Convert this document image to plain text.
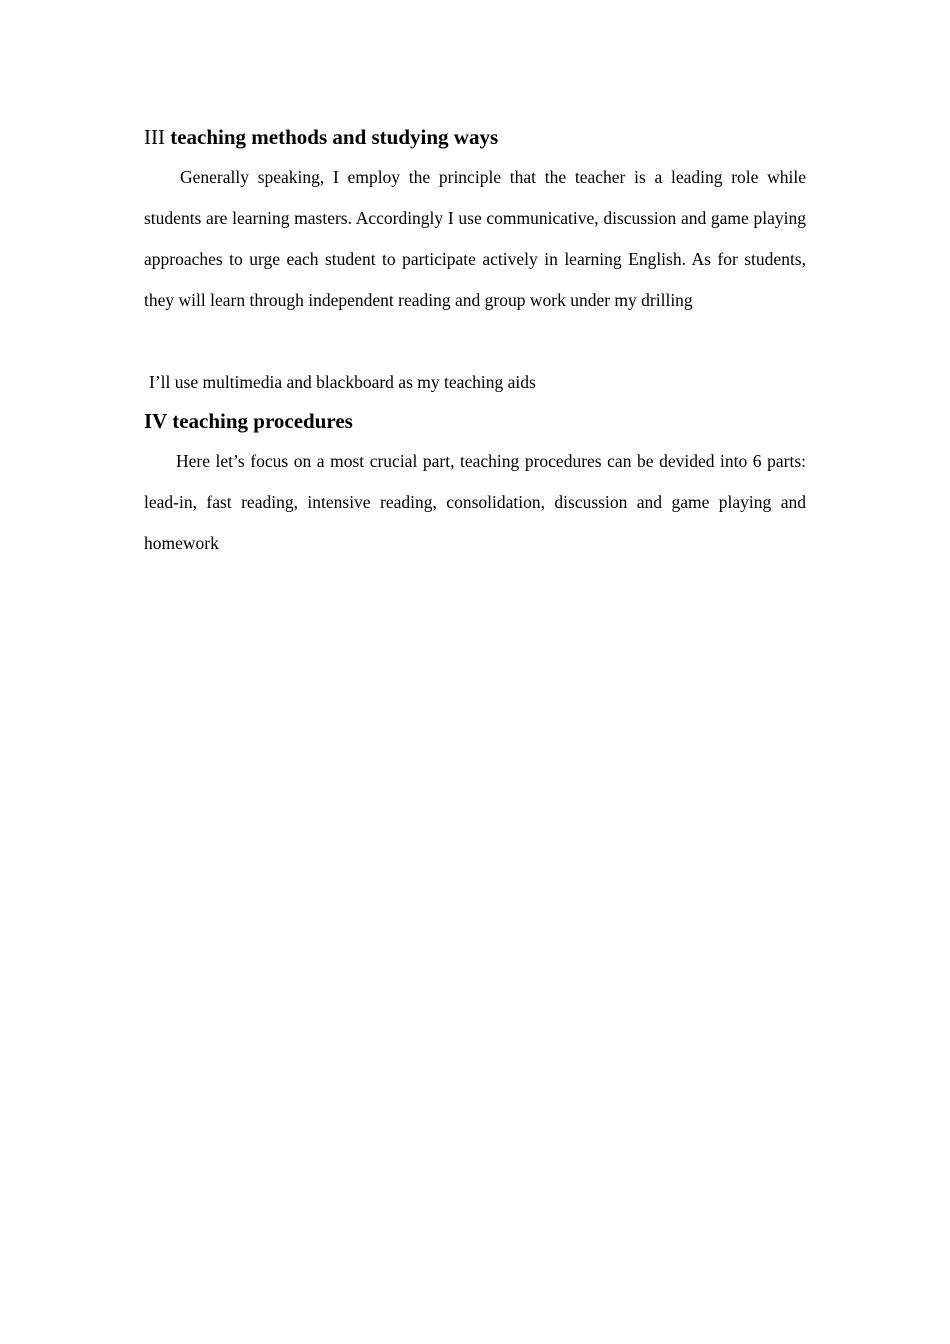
III teaching methods and studying ways
Generally speaking, I employ the principle that the teacher is a leading role while students are learning masters. Accordingly I use communicative, discussion and game playing approaches to urge each student to participate actively in learning English. As for students, they will learn through independent reading and group work under my drilling
I’ll use multimedia and blackboard as my teaching aids
IV teaching procedures
Here let’s focus on a most crucial part, teaching procedures can be devided into 6 parts: lead-in, fast reading, intensive reading, consolidation, discussion and game playing and homework
